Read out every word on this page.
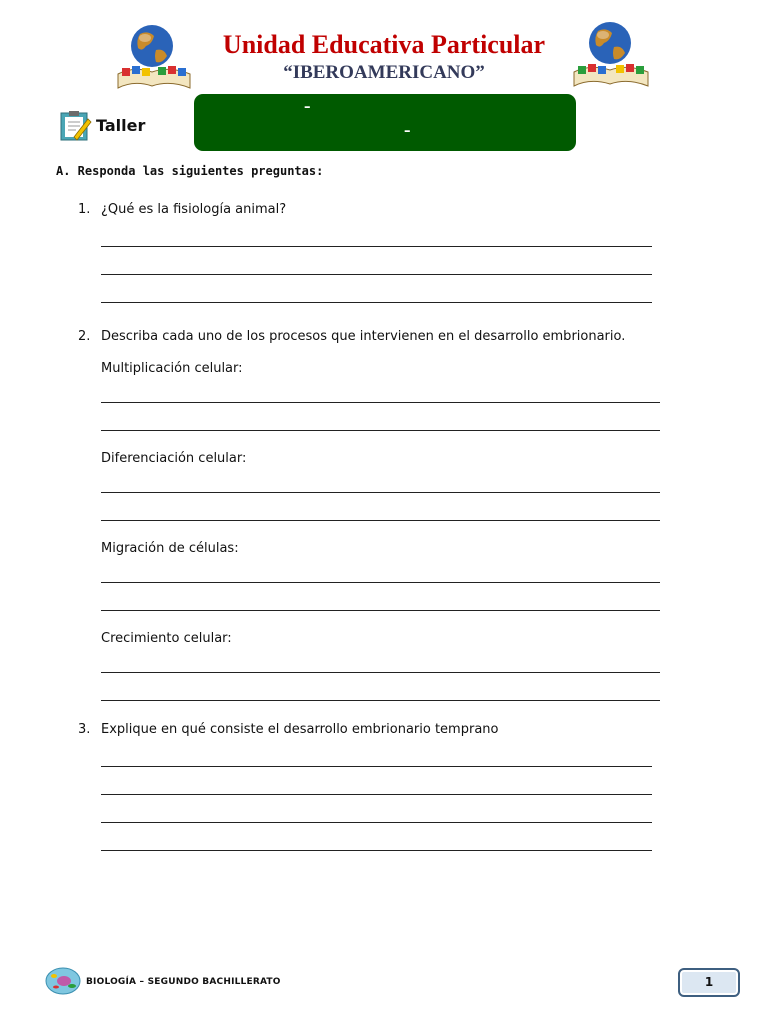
Unidad Educativa Particular
“IBEROAMERICANO”
Taller
–
–
A. Responda las siguientes preguntas:
1. ¿Qué es la fisiología animal?
2. Describa cada uno de los procesos que intervienen en el desarrollo embrionario.
Multiplicación celular:
Diferenciación celular:
Migración de células:
Crecimiento celular:
3. Explique en qué consiste el desarrollo embrionario temprano
BIOLOGÍA – SEGUNDO BACHILLERATO	1
